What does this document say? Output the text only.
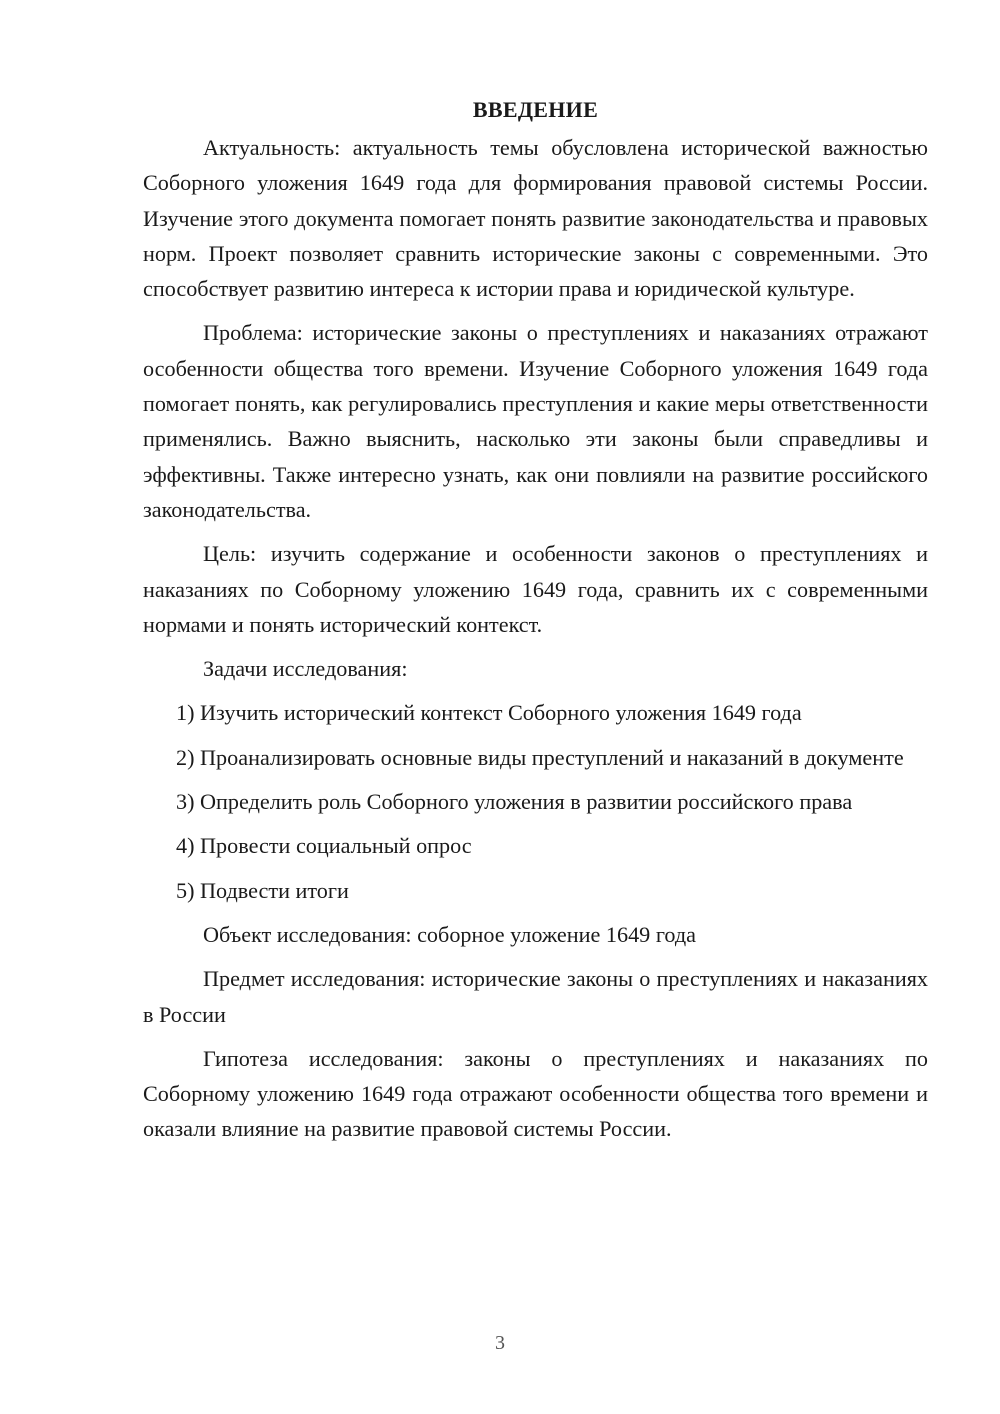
ВВЕДЕНИЕ

Актуальность: актуальность темы обусловлена исторической важностью Соборного уложения 1649 года для формирования правовой системы России. Изучение этого документа помогает понять развитие законодательства и правовых норм. Проект позволяет сравнить исторические законы с современными. Это способствует развитию интереса к истории права и юридической культуре.

Проблема: исторические законы о преступлениях и наказаниях отражают особенности общества того времени. Изучение Соборного уложения 1649 года помогает понять, как регулировались преступления и какие меры ответственности применялись. Важно выяснить, насколько эти законы были справедливы и эффективны. Также интересно узнать, как они повлияли на развитие российского законодательства.

Цель: изучить содержание и особенности законов о преступлениях и наказаниях по Соборному уложению 1649 года, сравнить их с современными нормами и понять исторический контекст.

Задачи исследования:

1) Изучить исторический контекст Соборного уложения 1649 года

2) Проанализировать основные виды преступлений и наказаний в документе

3) Определить роль Соборного уложения в развитии российского права

4) Провести социальный опрос

5) Подвести итоги

Объект исследования: соборное уложение 1649 года

Предмет исследования: исторические законы о преступлениях и наказаниях в России

Гипотеза исследования: законы о преступлениях и наказаниях по Соборному уложению 1649 года отражают особенности общества того времени и оказали влияние на развитие правовой системы России.

3
